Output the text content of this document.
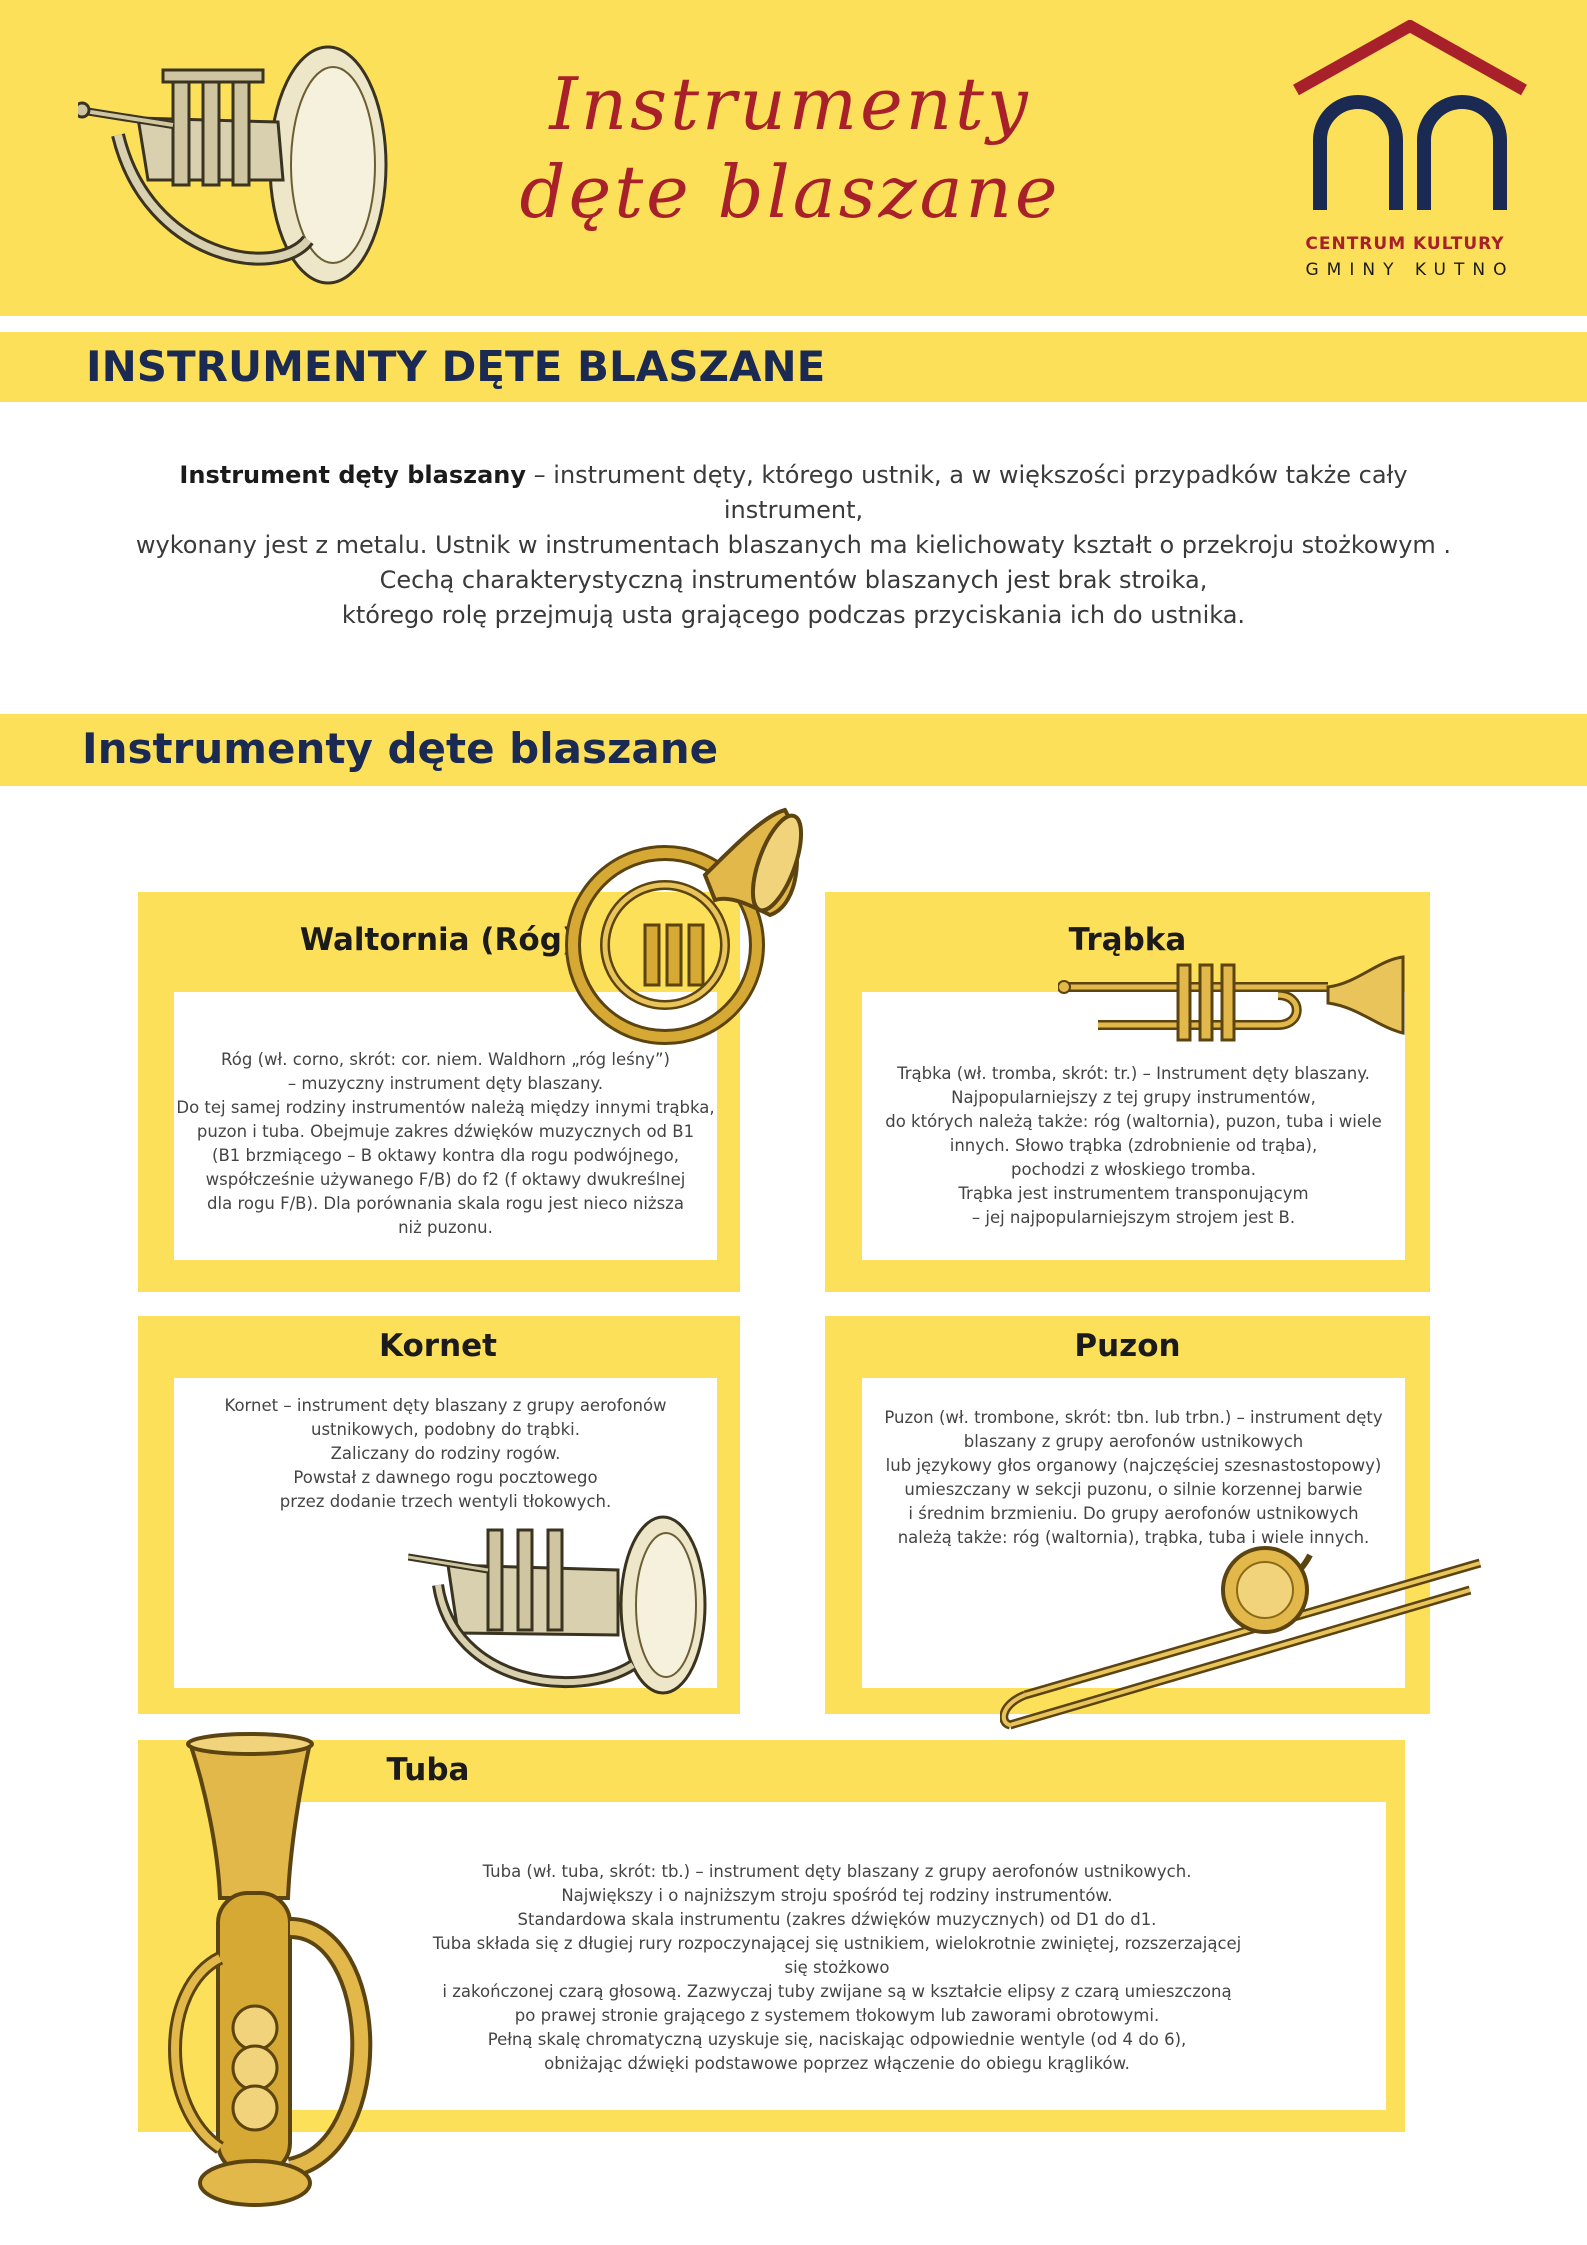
Instrumenty
dęte blaszane
CENTRUM KULTURY
GMINY KUTNO
INSTRUMENTY DĘTE BLASZANE
Instrument dęty blaszany – instrument dęty, którego ustnik, a w większości przypadków także cały instrument,
wykonany jest z metalu. Ustnik w instrumentach blaszanych ma kielichowaty kształt o przekroju stożkowym .
Cechą charakterystyczną instrumentów blaszanych jest brak stroika,
którego rolę przejmują usta grającego podczas przyciskania ich do ustnika.
Instrumenty dęte blaszane
Waltornia (Róg)
Róg (wł. corno, skrót: cor. niem. Waldhorn „róg leśny”)
– muzyczny instrument dęty blaszany.
Do tej samej rodziny instrumentów należą między innymi trąbka,
puzon i tuba. Obejmuje zakres dźwięków muzycznych od B1
(B1 brzmiącego – B oktawy kontra dla rogu podwójnego,
współcześnie używanego F/B) do f2 (f oktawy dwukreślnej
dla rogu F/B). Dla porównania skala rogu jest nieco niższa
niż puzonu.
Trąbka
Trąbka (wł. tromba, skrót: tr.) – Instrument dęty blaszany.
Najpopularniejszy z tej grupy instrumentów,
do których należą także: róg (waltornia), puzon, tuba i wiele
innych. Słowo trąbka (zdrobnienie od trąba),
pochodzi z włoskiego tromba.
Trąbka jest instrumentem transponującym
– jej najpopularniejszym strojem jest B.
Kornet
Kornet – instrument dęty blaszany z grupy aerofonów
ustnikowych, podobny do trąbki.
Zaliczany do rodziny rogów.
Powstał z dawnego rogu pocztowego
przez dodanie trzech wentyli tłokowych.
Puzon
Puzon (wł. trombone, skrót: tbn. lub trbn.) – instrument dęty
blaszany z grupy aerofonów ustnikowych
lub językowy głos organowy (najczęściej szesnastostopowy)
umieszczany w sekcji puzonu, o silnie korzennej barwie
i średnim brzmieniu. Do grupy aerofonów ustnikowych
należą także: róg (waltornia), trąbka, tuba i wiele innych.
Tuba
Tuba (wł. tuba, skrót: tb.) – instrument dęty blaszany z grupy aerofonów ustnikowych.
Największy i o najniższym stroju spośród tej rodziny instrumentów.
Standardowa skala instrumentu (zakres dźwięków muzycznych) od D1 do d1.
Tuba składa się z długiej rury rozpoczynającej się ustnikiem, wielokrotnie zwiniętej, rozszerzającej się stożkowo
i zakończonej czarą głosową. Zazwyczaj tuby zwijane są w kształcie elipsy z czarą umieszczoną
po prawej stronie grającego z systemem tłokowym lub zaworami obrotowymi.
Pełną skalę chromatyczną uzyskuje się, naciskając odpowiednie wentyle (od 4 do 6),
obniżając dźwięki podstawowe poprzez włączenie do obiegu krąglików.
